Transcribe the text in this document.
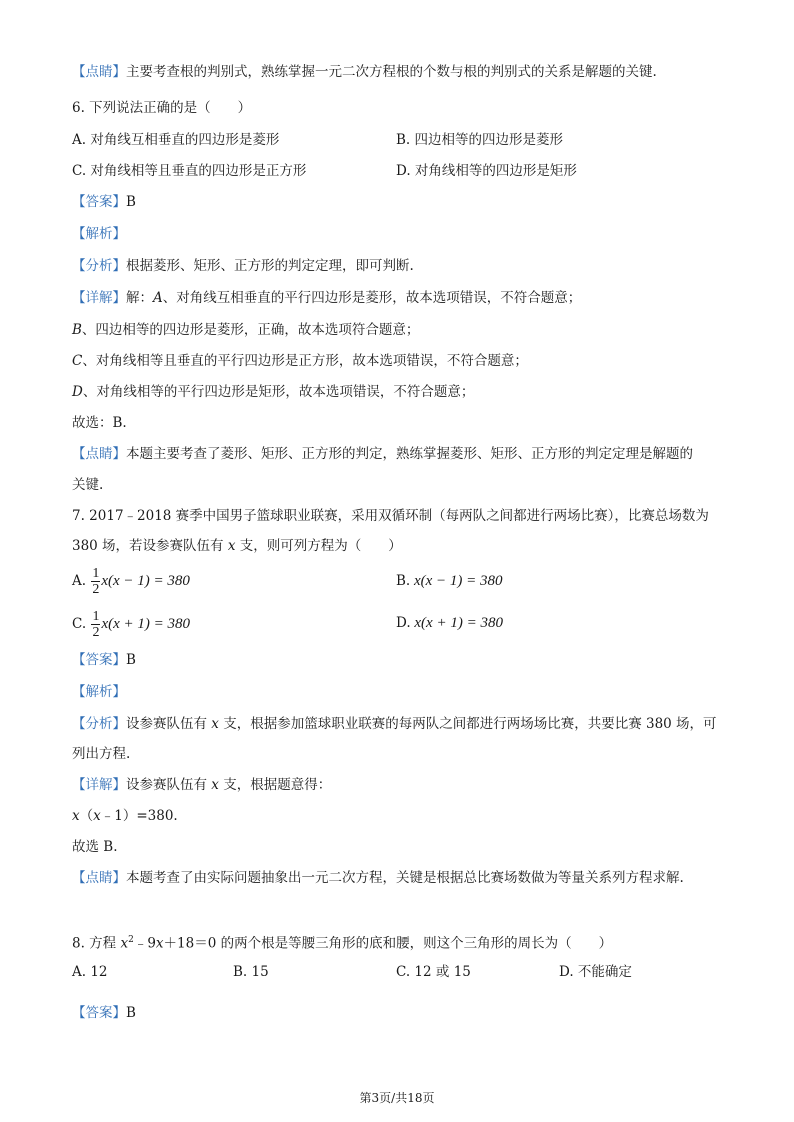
【点睛】主要考查根的判别式，熟练掌握一元二次方程根的个数与根的判别式的关系是解题的关键.
6. 下列说法正确的是（　　）
A. 对角线互相垂直的四边形是菱形	B. 四边相等的四边形是菱形
C. 对角线相等且垂直的四边形是正方形	D. 对角线相等的四边形是矩形
【答案】B
【解析】
【分析】根据菱形、矩形、正方形的判定定理，即可判断.
【详解】解：A、对角线互相垂直的平行四边形是菱形，故本选项错误，不符合题意；
B、四边相等的四边形是菱形，正确，故本选项符合题意；
C、对角线相等且垂直的平行四边形是正方形，故本选项错误，不符合题意；
D、对角线相等的平行四边形是矩形，故本选项错误，不符合题意；
故选：B.
【点睛】本题主要考查了菱形、矩形、正方形的判定，熟练掌握菱形、矩形、正方形的判定定理是解题的
关键.
7. 2017﹣2018 赛季中国男子篮球职业联赛，采用双循环制（每两队之间都进行两场比赛），比赛总场数为
380 场，若设参赛队伍有 x 支，则可列方程为（　　）
A. $\frac{1}{2} x(x - 1) = 380$	B. x(x − 1) = 380
C. $\frac{1}{2} x(x + 1) = 380$	D. x(x + 1) = 380
【答案】B
【解析】
【分析】设参赛队伍有 x 支，根据参加篮球职业联赛的每两队之间都进行两场场比赛，共要比赛 380 场，可
列出方程.
【详解】设参赛队伍有 x 支，根据题意得：
x（x﹣1）=380.
故选 B.
【点睛】本题考查了由实际问题抽象出一元二次方程，关键是根据总比赛场数做为等量关系列方程求解.
8. 方程 $x^2﹣9x+18=0$ 的两个根是等腰三角形的底和腰，则这个三角形的周长为（　　）
A. 12	B. 15	C. 12 或 15	D. 不能确定
【答案】B
第3页/共18页
